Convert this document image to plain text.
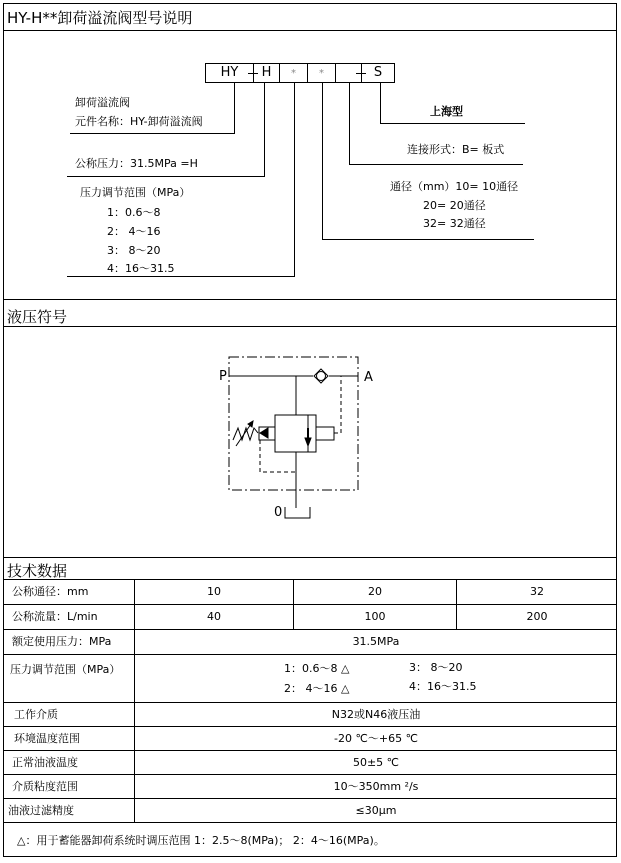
HY-H**卸荷溢流阀型号说明
HY	H	*	*	S
卸荷溢流阀
元件名称：HY-卸荷溢流阀
公称压力：31.5MPa =H
压力调节范围（MPa）
1：0.6～8
2： 4～16
3： 8～20
4：16～31.5
上海型
连接形式：B= 板式
通径（mm）10= 10通径
20= 20通径
32= 32通径
液压符号
P	A
0
技术数据
公称通径：mm	10	20	32
公称流量：L/min	40	100	200
额定使用压力：MPa	31.5MPa
压力调节范围（MPa）	1：0.6～8 △	3： 8～20
2： 4～16 △	4：16～31.5
工作介质	N32或N46液压油
环境温度范围	-20 ℃～+65 ℃
正常油液温度	50±5 ℃
介质粘度范围	10～350mm ²/s
油液过滤精度	≤30μm
△：用于蓄能器卸荷系统时调压范围 1：2.5～8(MPa)； 2：4～16(MPa)。
